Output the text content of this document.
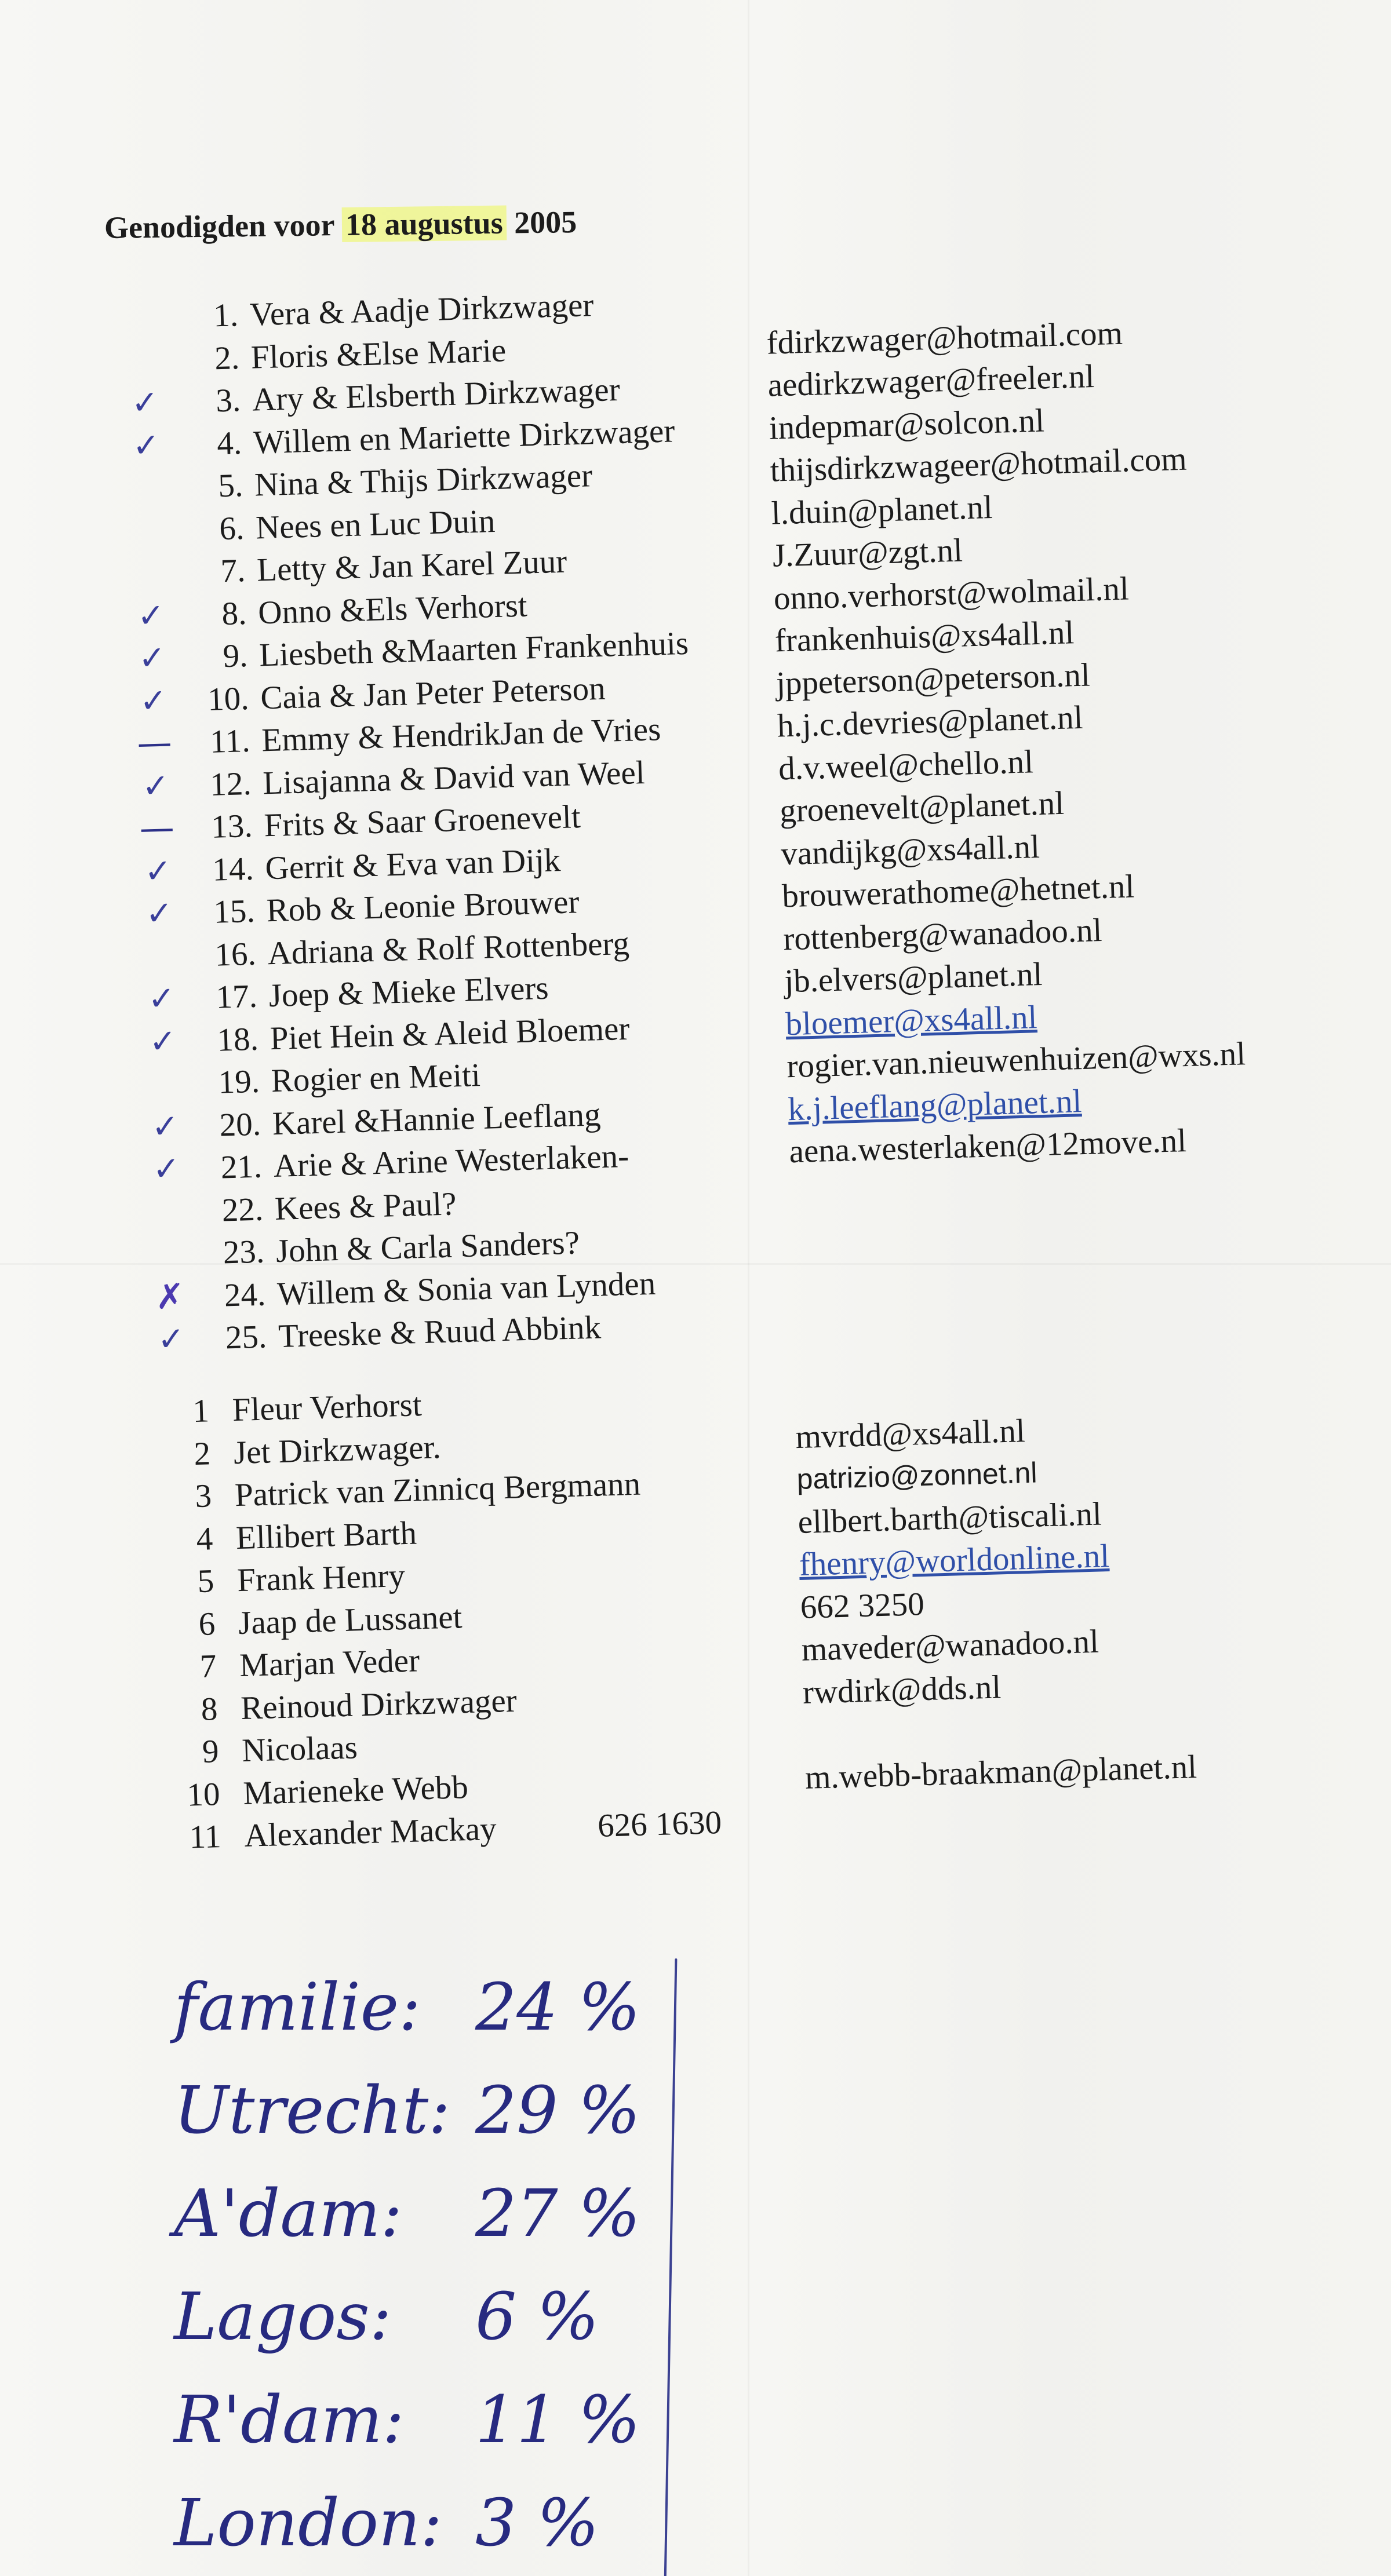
Genodigden voor 18 augustus 2005
1. Vera & Aadje Dirkzwager
2. Floris &Else Marie	fdirkzwager@hotmail.com
✓	3. Ary & Elsberth Dirkzwager	aedirkzwager@freeler.nl
✓	4. Willem en Mariette Dirkzwager	indepmar@solcon.nl
5. Nina & Thijs Dirkzwager	thijsdirkzwageer@hotmail.com
6. Nees en Luc Duin	l.duin@planet.nl
7. Letty & Jan Karel Zuur	J.Zuur@zgt.nl
✓	8. Onno &Els Verhorst	onno.verhorst@wolmail.nl
✓	9. Liesbeth &Maarten Frankenhuis	frankenhuis@xs4all.nl
✓	10. Caia & Jan Peter Peterson	jppeterson@peterson.nl
—	11. Emmy & HendrikJan de Vries	h.j.c.devries@planet.nl
✓	12. Lisajanna & David van Weel	d.v.weel@chello.nl
—	13. Frits & Saar Groenevelt	groenevelt@planet.nl
✓	14. Gerrit & Eva van Dijk	vandijkg@xs4all.nl
✓	15. Rob & Leonie Brouwer	brouwerathome@hetnet.nl
16. Adriana & Rolf Rottenberg	rottenberg@wanadoo.nl
✓	17. Joep & Mieke Elvers	jb.elvers@planet.nl
✓	18. Piet Hein & Aleid Bloemer	bloemer@xs4all.nl
19. Rogier en Meiti	rogier.van.nieuwenhuizen@wxs.nl
✓	20. Karel &Hannie Leeflang	k.j.leeflang@planet.nl
✓	21. Arie & Arine Westerlaken-	aena.westerlaken@12move.nl
22. Kees & Paul?
23. John & Carla Sanders?
✗	24. Willem & Sonia van Lynden
✓	25. Treeske & Ruud Abbink
1 Fleur Verhorst
2 Jet Dirkzwager.	mvrdd@xs4all.nl
3 Patrick van Zinnicq Bergmann	patrizio@zonnet.nl
4 Ellibert Barth	ellbert.barth@tiscali.nl
5 Frank Henry	fhenry@worldonline.nl
6 Jaap de Lussanet	662 3250
7 Marjan Veder	maveder@wanadoo.nl
8 Reinoud Dirkzwager	rwdirk@dds.nl
9 Nicolaas
10 Marieneke Webb	m.webb-braakman@planet.nl
11 Alexander Mackay	626 1630
familie: 24 %
Utrecht: 29 %
A'dam: 27 %
Lagos: 6 %
R'dam: 11 %
London: 3 %
